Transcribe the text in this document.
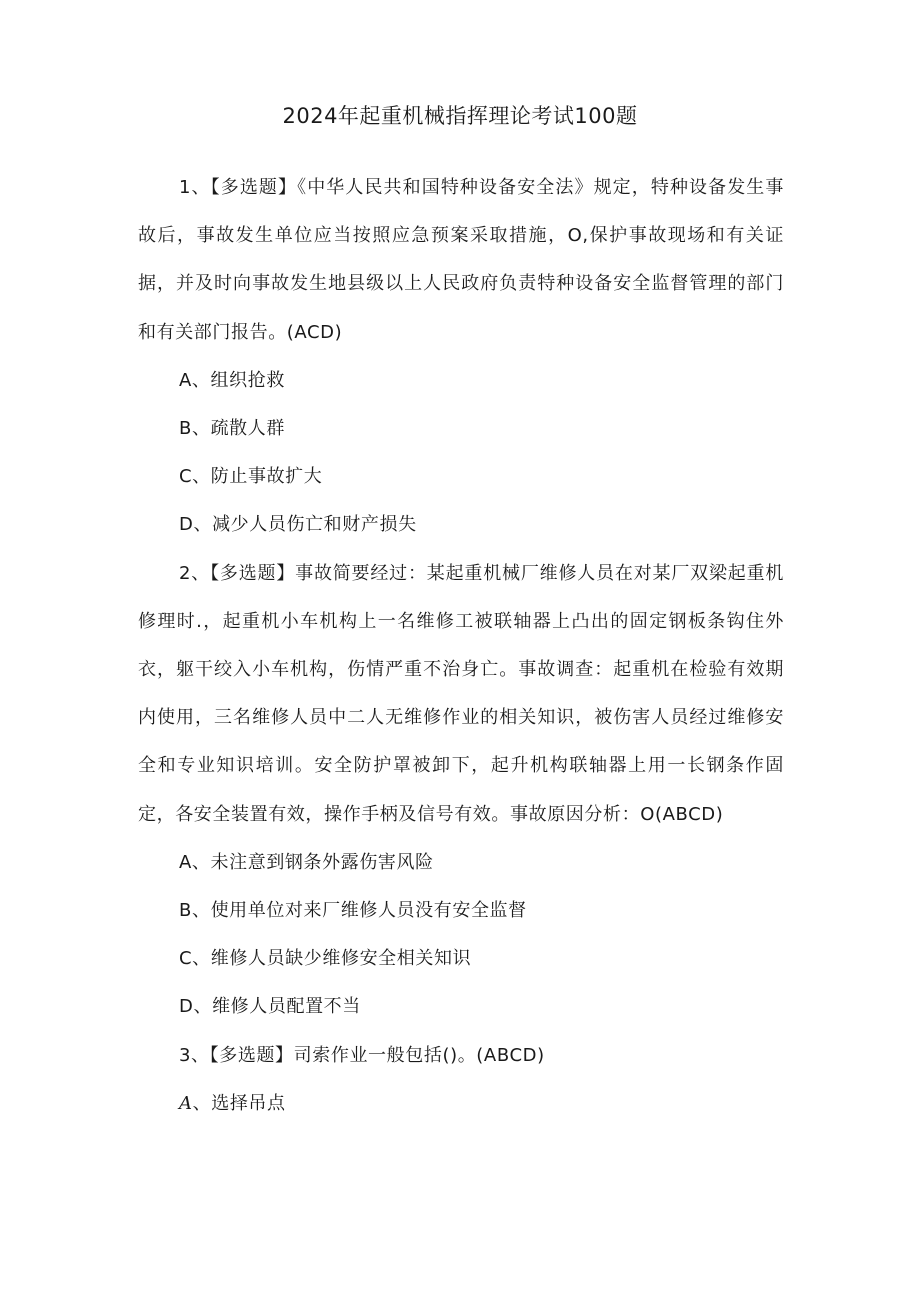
2024年起重机械指挥理论考试100题

1、【多选题】《中华人民共和国特种设备安全法》规定，特种设备发生事故后，事故发生单位应当按照应急预案采取措施，O,保护事故现场和有关证据，并及时向事故发生地县级以上人民政府负责特种设备安全监督管理的部门和有关部门报告。(ACD)

A、组织抢救

B、疏散人群

C、防止事故扩大

D、减少人员伤亡和财产损失

2、【多选题】事故简要经过：某起重机械厂维修人员在对某厂双梁起重机修理时.，起重机小车机构上一名维修工被联轴器上凸出的固定钢板条钩住外衣，躯干绞入小车机构，伤情严重不治身亡。事故调查：起重机在检验有效期内使用，三名维修人员中二人无维修作业的相关知识，被伤害人员经过维修安全和专业知识培训。安全防护罩被卸下，起升机构联轴器上用一长钢条作固定，各安全装置有效，操作手柄及信号有效。事故原因分析：O(ABCD)

A、未注意到钢条外露伤害风险

B、使用单位对来厂维修人员没有安全监督

C、维修人员缺少维修安全相关知识

D、维修人员配置不当

3、【多选题】司索作业一般包括()。(ABCD)

A、选择吊点
